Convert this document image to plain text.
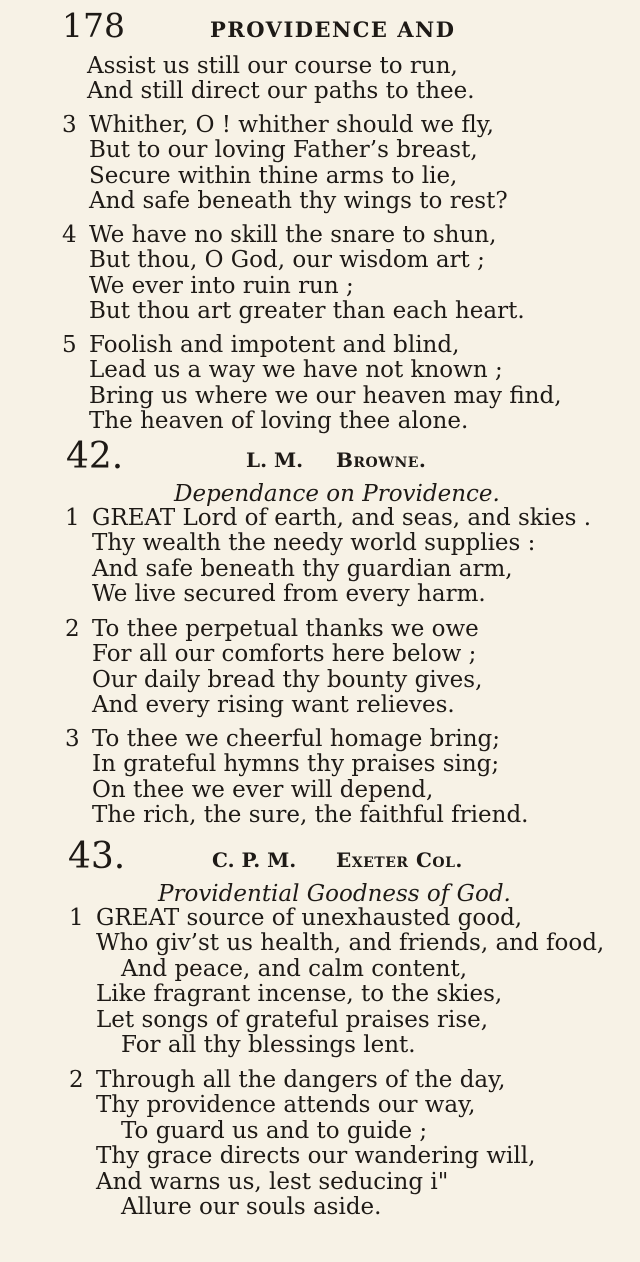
178	PROVIDENCE AND
Assist us still our course to run,
And still direct our paths to thee.
3 Whither, O ! whither should we fly,
But to our loving Father’s breast,
Secure within thine arms to lie,
And safe beneath thy wings to rest?
4 We have no skill the snare to shun,
But thou, O God, our wisdom art ;
We ever into ruin run ;
But thou art greater than each heart.
5 Foolish and impotent and blind,
Lead us a way we have not known ;
Bring us where we our heaven may find,
The heaven of loving thee alone.
42.	L. M. Browne.
Dependance on Providence.
1 GREAT Lord of earth, and seas, and skies .
Thy wealth the needy world supplies :
And safe beneath thy guardian arm,
We live secured from every harm.
2 To thee perpetual thanks we owe
For all our comforts here below ;
Our daily bread thy bounty gives,
And every rising want relieves.
3 To thee we cheerful homage bring;
In grateful hymns thy praises sing;
On thee we ever will depend,
The rich, the sure, the faithful friend.
43.	C. P. M. Exeter Col.
Providential Goodness of God.
1 GREAT source of unexhausted good,
Who giv’st us health, and friends, and food,
And peace, and calm content,
Like fragrant incense, to the skies,
Let songs of grateful praises rise,
For all thy blessings lent.
2 Through all the dangers of the day,
Thy providence attends our way,
To guard us and to guide ;
Thy grace directs our wandering will,
And warns us, lest seducing i"
Allure our souls aside.
